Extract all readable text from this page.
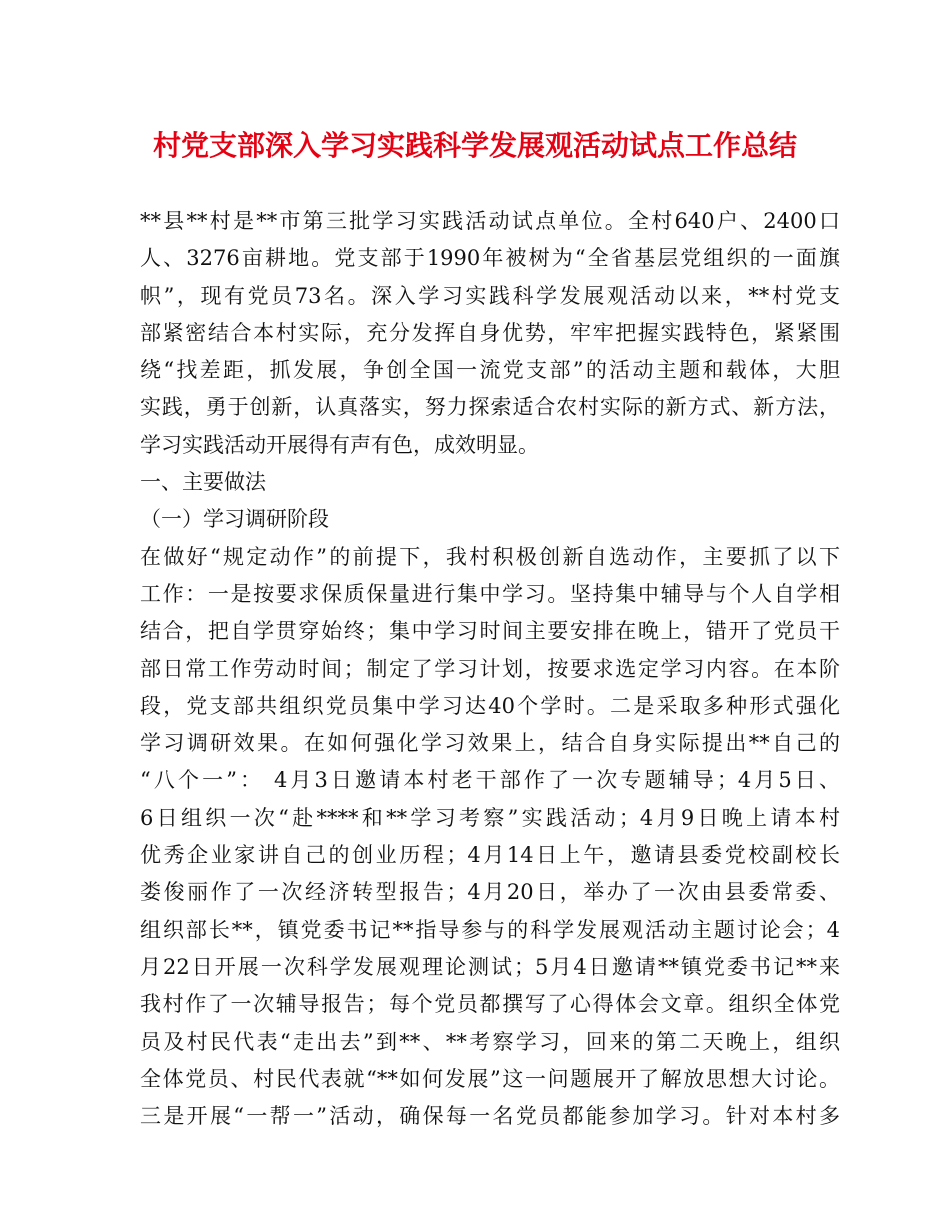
村党支部深入学习实践科学发展观活动试点工作总结
**县**村是**市第三批学习实践活动试点单位。全村640户、2400口
人、3276亩耕地。党支部于1990年被树为“全省基层党组织的一面旗
帜”，现有党员73名。深入学习实践科学发展观活动以来，**村党支
部紧密结合本村实际，充分发挥自身优势，牢牢把握实践特色，紧紧围
绕“找差距，抓发展，争创全国一流党支部”的活动主题和载体，大胆
实践，勇于创新，认真落实，努力探索适合农村实际的新方式、新方法，
学习实践活动开展得有声有色，成效明显。
一、主要做法
（一）学习调研阶段
在做好“规定动作”的前提下，我村积极创新自选动作，主要抓了以下
工作：一是按要求保质保量进行集中学习。坚持集中辅导与个人自学相
结合，把自学贯穿始终；集中学习时间主要安排在晚上，错开了党员干
部日常工作劳动时间；制定了学习计划，按要求选定学习内容。在本阶
段，党支部共组织党员集中学习达40个学时。二是采取多种形式强化
学习调研效果。在如何强化学习效果上，结合自身实际提出**自己的
“八个一”： 4月3日邀请本村老干部作了一次专题辅导；4月5日、
6日组织一次“赴****和**学习考察”实践活动；4月9日晚上请本村
优秀企业家讲自己的创业历程；4月14日上午，邀请县委党校副校长
娄俊丽作了一次经济转型报告；4月20日，举办了一次由县委常委、
组织部长**，镇党委书记**指导参与的科学发展观活动主题讨论会；4
月22日开展一次科学发展观理论测试；5月4日邀请**镇党委书记**来
我村作了一次辅导报告；每个党员都撰写了心得体会文章。组织全体党
员及村民代表“走出去”到**、**考察学习，回来的第二天晚上，组织
全体党员、村民代表就“**如何发展”这一问题展开了解放思想大讨论。
三是开展“一帮一”活动，确保每一名党员都能参加学习。针对本村多
